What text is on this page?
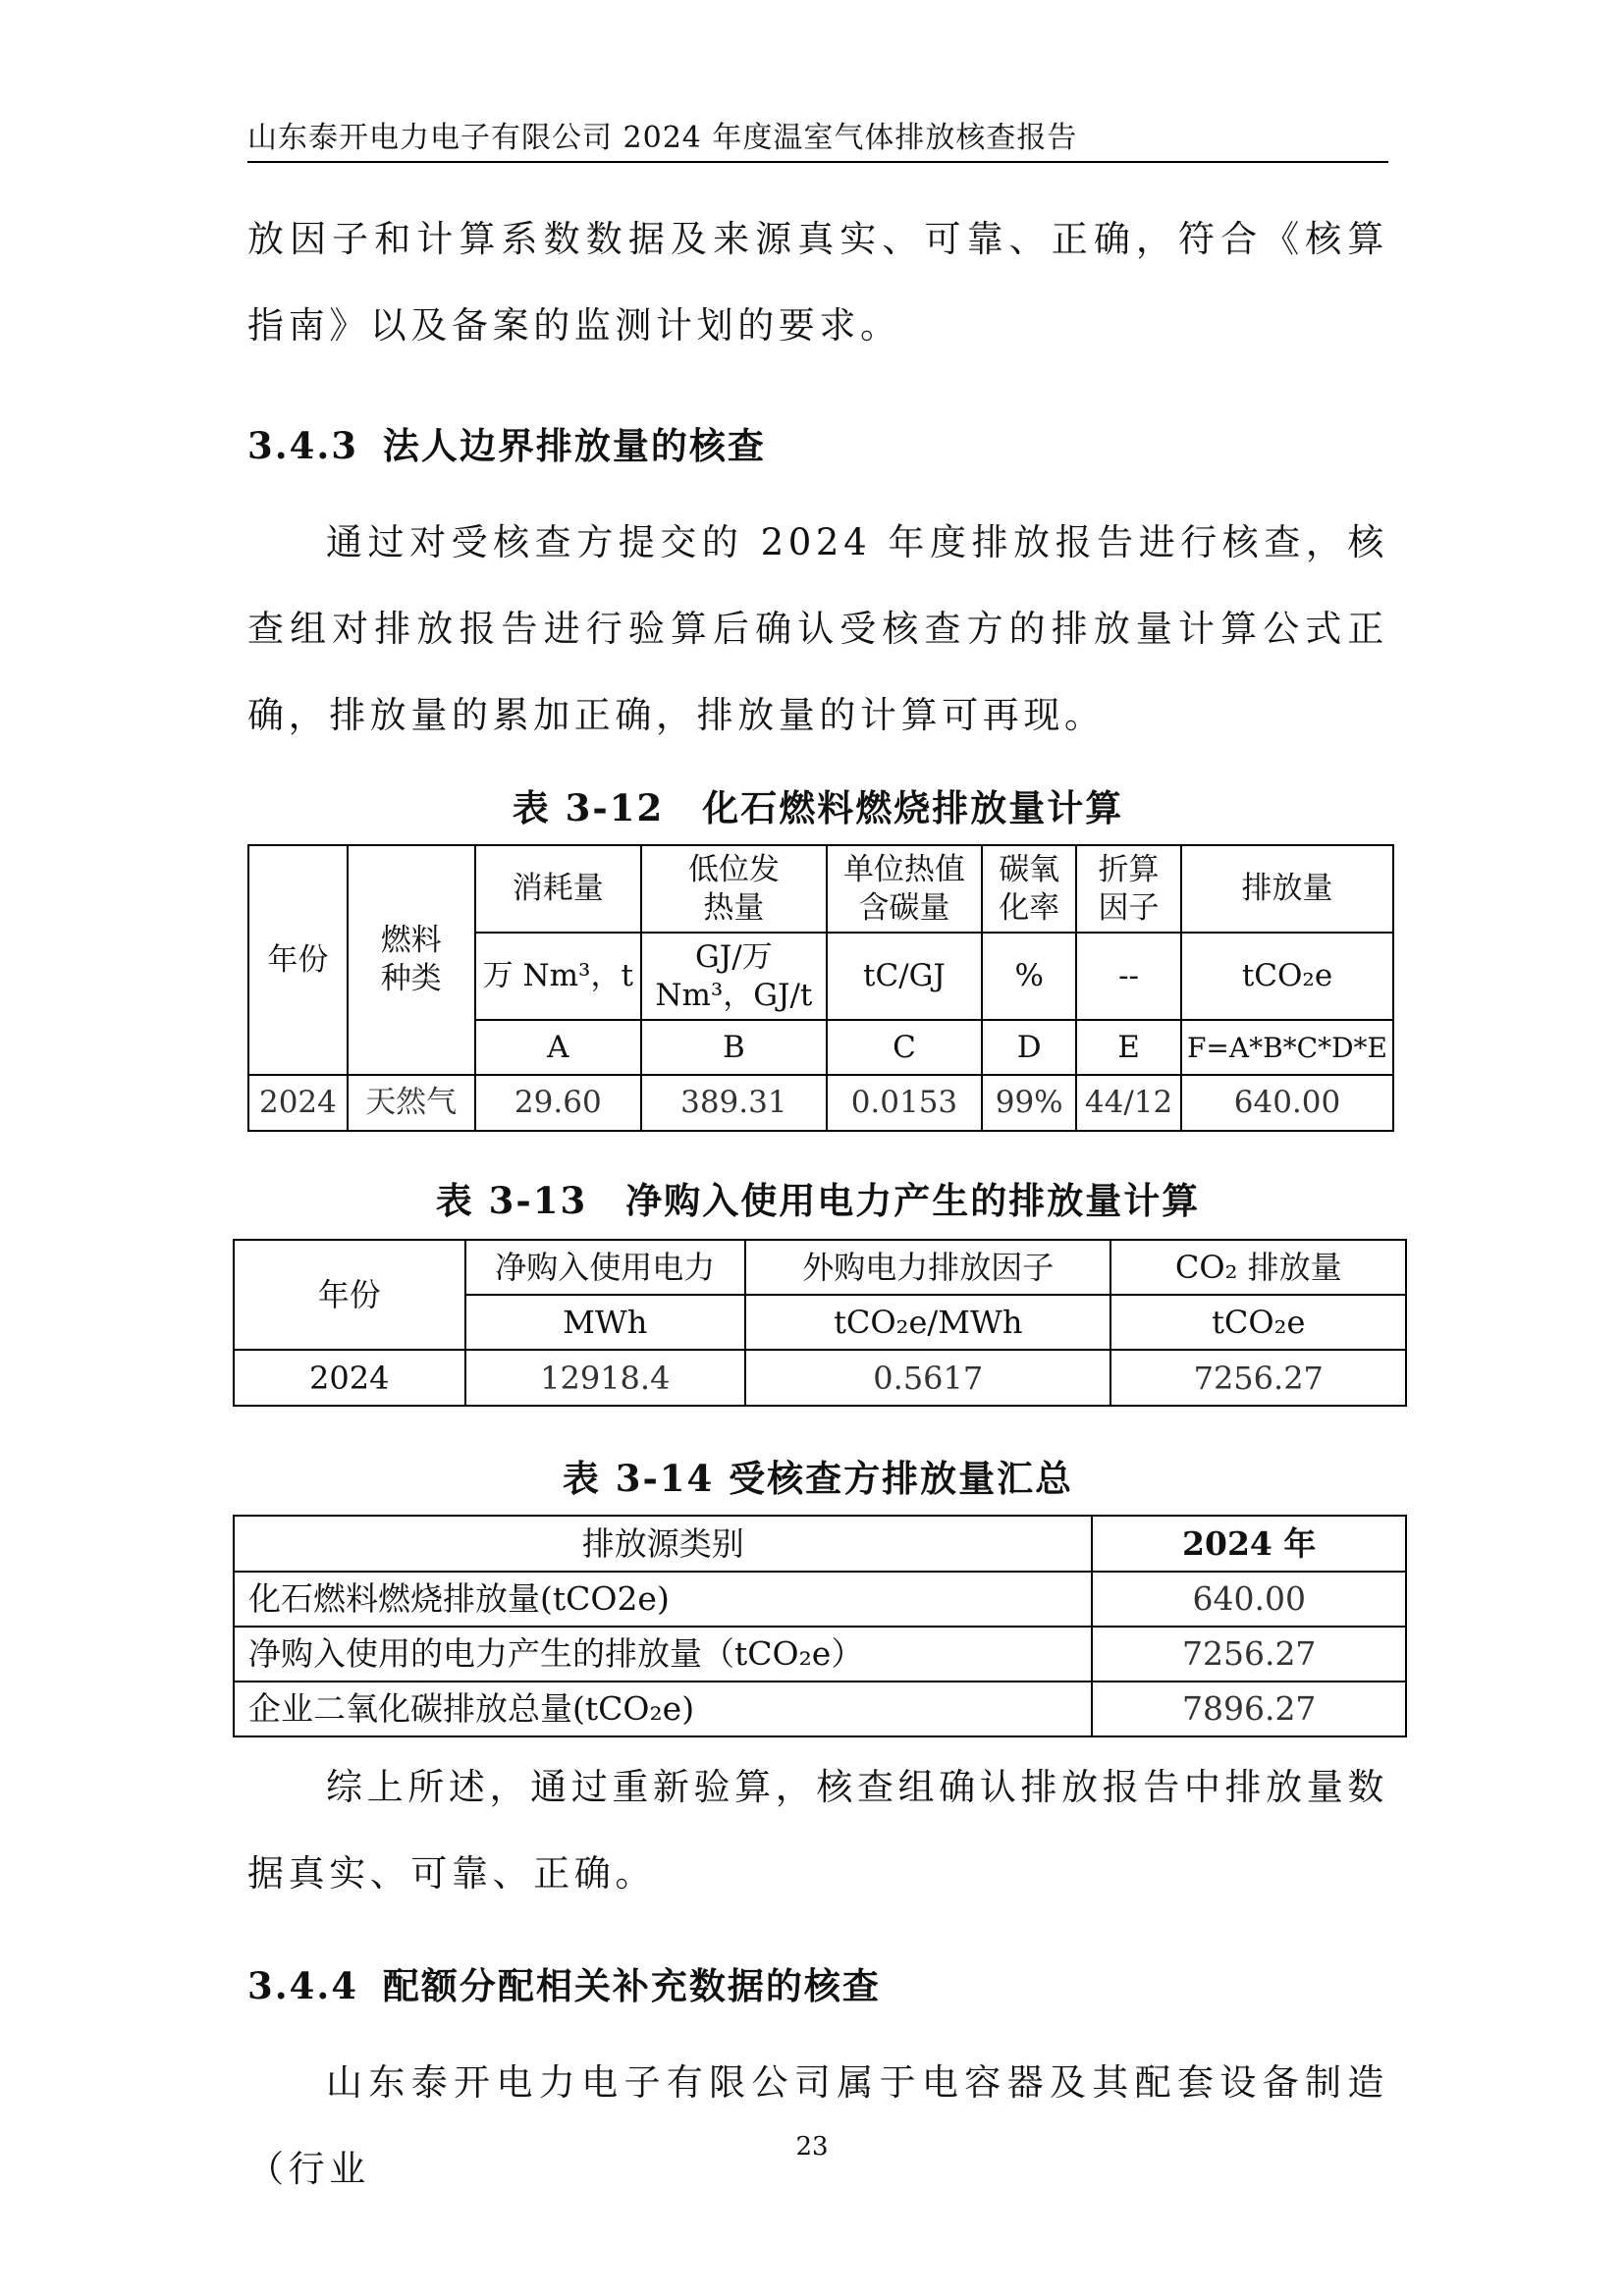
山东泰开电力电子有限公司 2024 年度温室气体排放核查报告

放因子和计算系数数据及来源真实、可靠、正确，符合《核算指南》以及备案的监测计划的要求。

3.4.3 法人边界排放量的核查

通过对受核查方提交的 2024 年度排放报告进行核查，核查组对排放报告进行验算后确认受核查方的排放量计算公式正确，排放量的累加正确，排放量的计算可再现。

表 3-12　化石燃料燃烧排放量计算
年份	燃料种类	消耗量	低位发热量	单位热值含碳量	碳氧化率	折算因子	排放量
		万 Nm³，t	GJ/万 Nm³，GJ/t	tC/GJ	%	--	tCO₂e
		A	B	C	D	E	F=A*B*C*D*E
2024	天然气	29.60	389.31	0.0153	99%	44/12	640.00
表 3-13　净购入使用电力产生的排放量计算
年份	净购入使用电力	外购电力排放因子	CO₂ 排放量
	MWh	tCO₂e/MWh	tCO₂e
2024	12918.4	0.5617	7256.27
表 3-14 受核查方排放量汇总
排放源类别	2024 年
化石燃料燃烧排放量(tCO2e)	640.00
净购入使用的电力产生的排放量（tCO₂e）	7256.27
企业二氧化碳排放总量(tCO₂e)	7896.27

综上所述，通过重新验算，核查组确认排放报告中排放量数据真实、可靠、正确。

3.4.4 配额分配相关补充数据的核查

山东泰开电力电子有限公司属于电容器及其配套设备制造（行业

23
